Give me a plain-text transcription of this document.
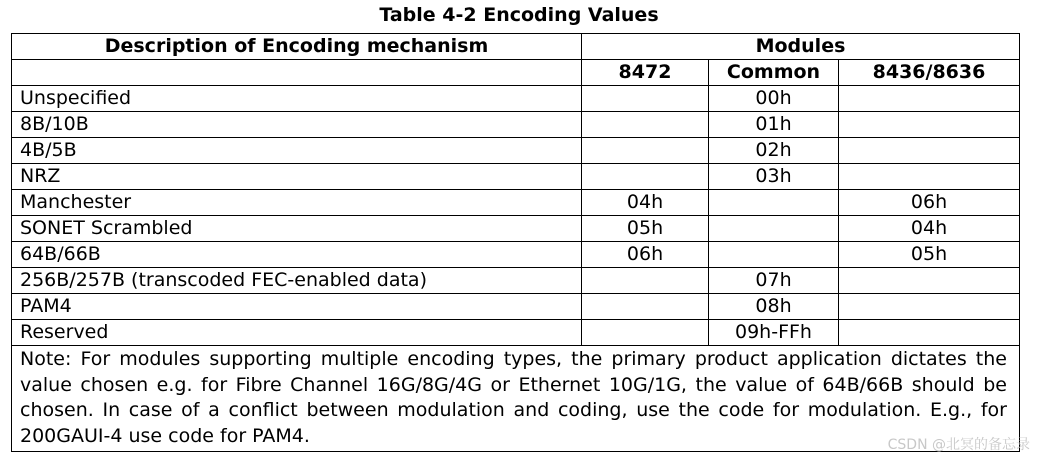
Table 4-2 Encoding Values
Description of Encoding mechanism	Modules		
	8472	Common	8436/8636
Unspecified		00h	
8B/10B		01h	
4B/5B		02h	
NRZ		03h	
Manchester	04h		06h
SONET Scrambled	05h		04h
64B/66B	06h		05h
256B/257B (transcoded FEC-enabled data)		07h	
PAM4		08h	
Reserved		09h-FFh	
Note: For modules supporting multiple encoding types, the primary product application dictates the value chosen e.g. for Fibre Channel 16G/8G/4G or Ethernet 10G/1G, the value of 64B/66B should be chosen. In case of a conflict between modulation and coding, use the code for modulation. E.g., for 200GAUI-4 use code for PAM4.				CSDN @北冥的备忘录
